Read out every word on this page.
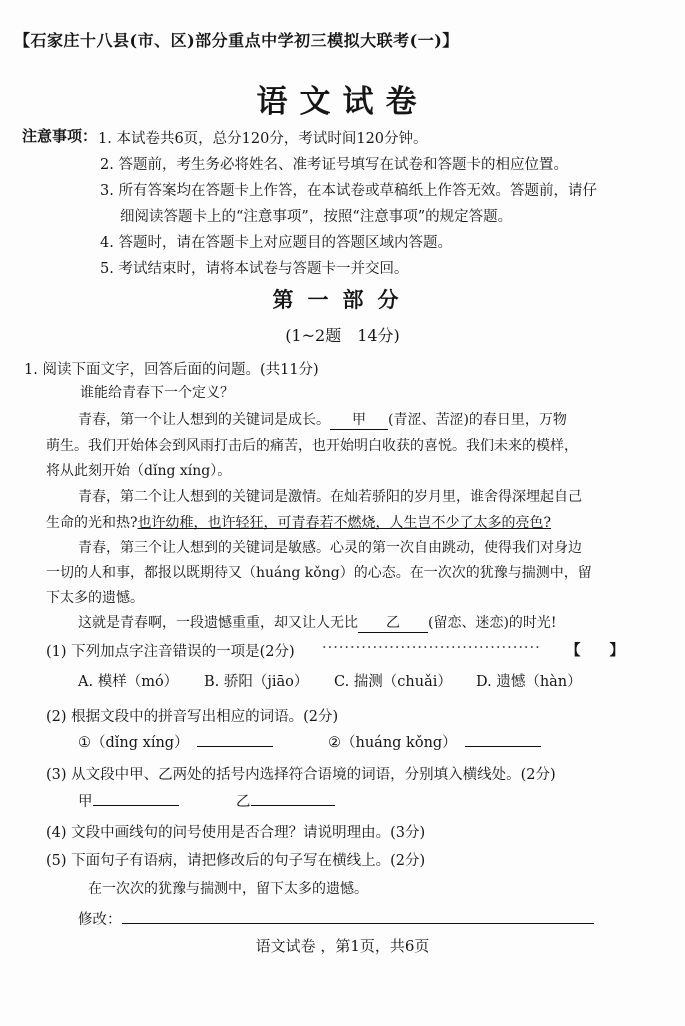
【石家庄十八县(市、区)部分重点中学初三模拟大联考(一)】
语文试卷
注意事项： 1. 本试卷共6页，总分120分，考试时间120分钟。
2. 答题前，考生务必将姓名、准考证号填写在试卷和答题卡的相应位置。
3. 所有答案均在答题卡上作答，在本试卷或草稿纸上作答无效。答题前，请仔
细阅读答题卡上的“注意事项”，按照“注意事项”的规定答题。
4. 答题时，请在答题卡上对应题目的答题区域内答题。
5. 考试结束时，请将本试卷与答题卡一并交回。
第一部分
(1~2题　14分)
1. 阅读下面文字，回答后面的问题。(共11分)
谁能给青春下一个定义？
青春，第一个让人想到的关键词是成长。 甲 (青涩、苦涩)的春日里，万物
萌生。我们开始体会到风雨打击后的痛苦，也开始明白收获的喜悦。我们未来的模样，
将从此刻开始（dǐng xíng）。
青春，第二个让人想到的关键词是激情。在灿若骄阳的岁月里，谁舍得深埋起自己
生命的光和热?也许幼稚，也许轻狂，可青春若不燃烧，人生岂不少了太多的亮色?
青春，第三个让人想到的关键词是敏感。心灵的第一次自由跳动，使得我们对身边
一切的人和事，都报以既期待又（huáng kǒng）的心态。在一次次的犹豫与揣测中，留
下太多的遗憾。
这就是青春啊，一段遗憾重重，却又让人无比 乙 (留恋、迷恋)的时光!
(1) 下列加点字注音错误的一项是(2分) ······································· 【　　】
A. 模样（mó） B. 骄阳（jiāo） C. 揣测（chuǎi） D. 遗憾（hàn）
(2) 根据文段中的拼音写出相应的词语。(2分)
①（dǐng xíng）	②（huáng kǒng）
(3) 从文段中甲、乙两处的括号内选择符合语境的词语，分别填入横线处。(2分)
甲	乙
(4) 文段中画线句的问号使用是否合理？请说明理由。(3分)
(5) 下面句子有语病，请把修改后的句子写在横线上。(2分)
在一次次的犹豫与揣测中，留下太多的遗憾。
修改：
语文试卷 ，第1页，共6页
